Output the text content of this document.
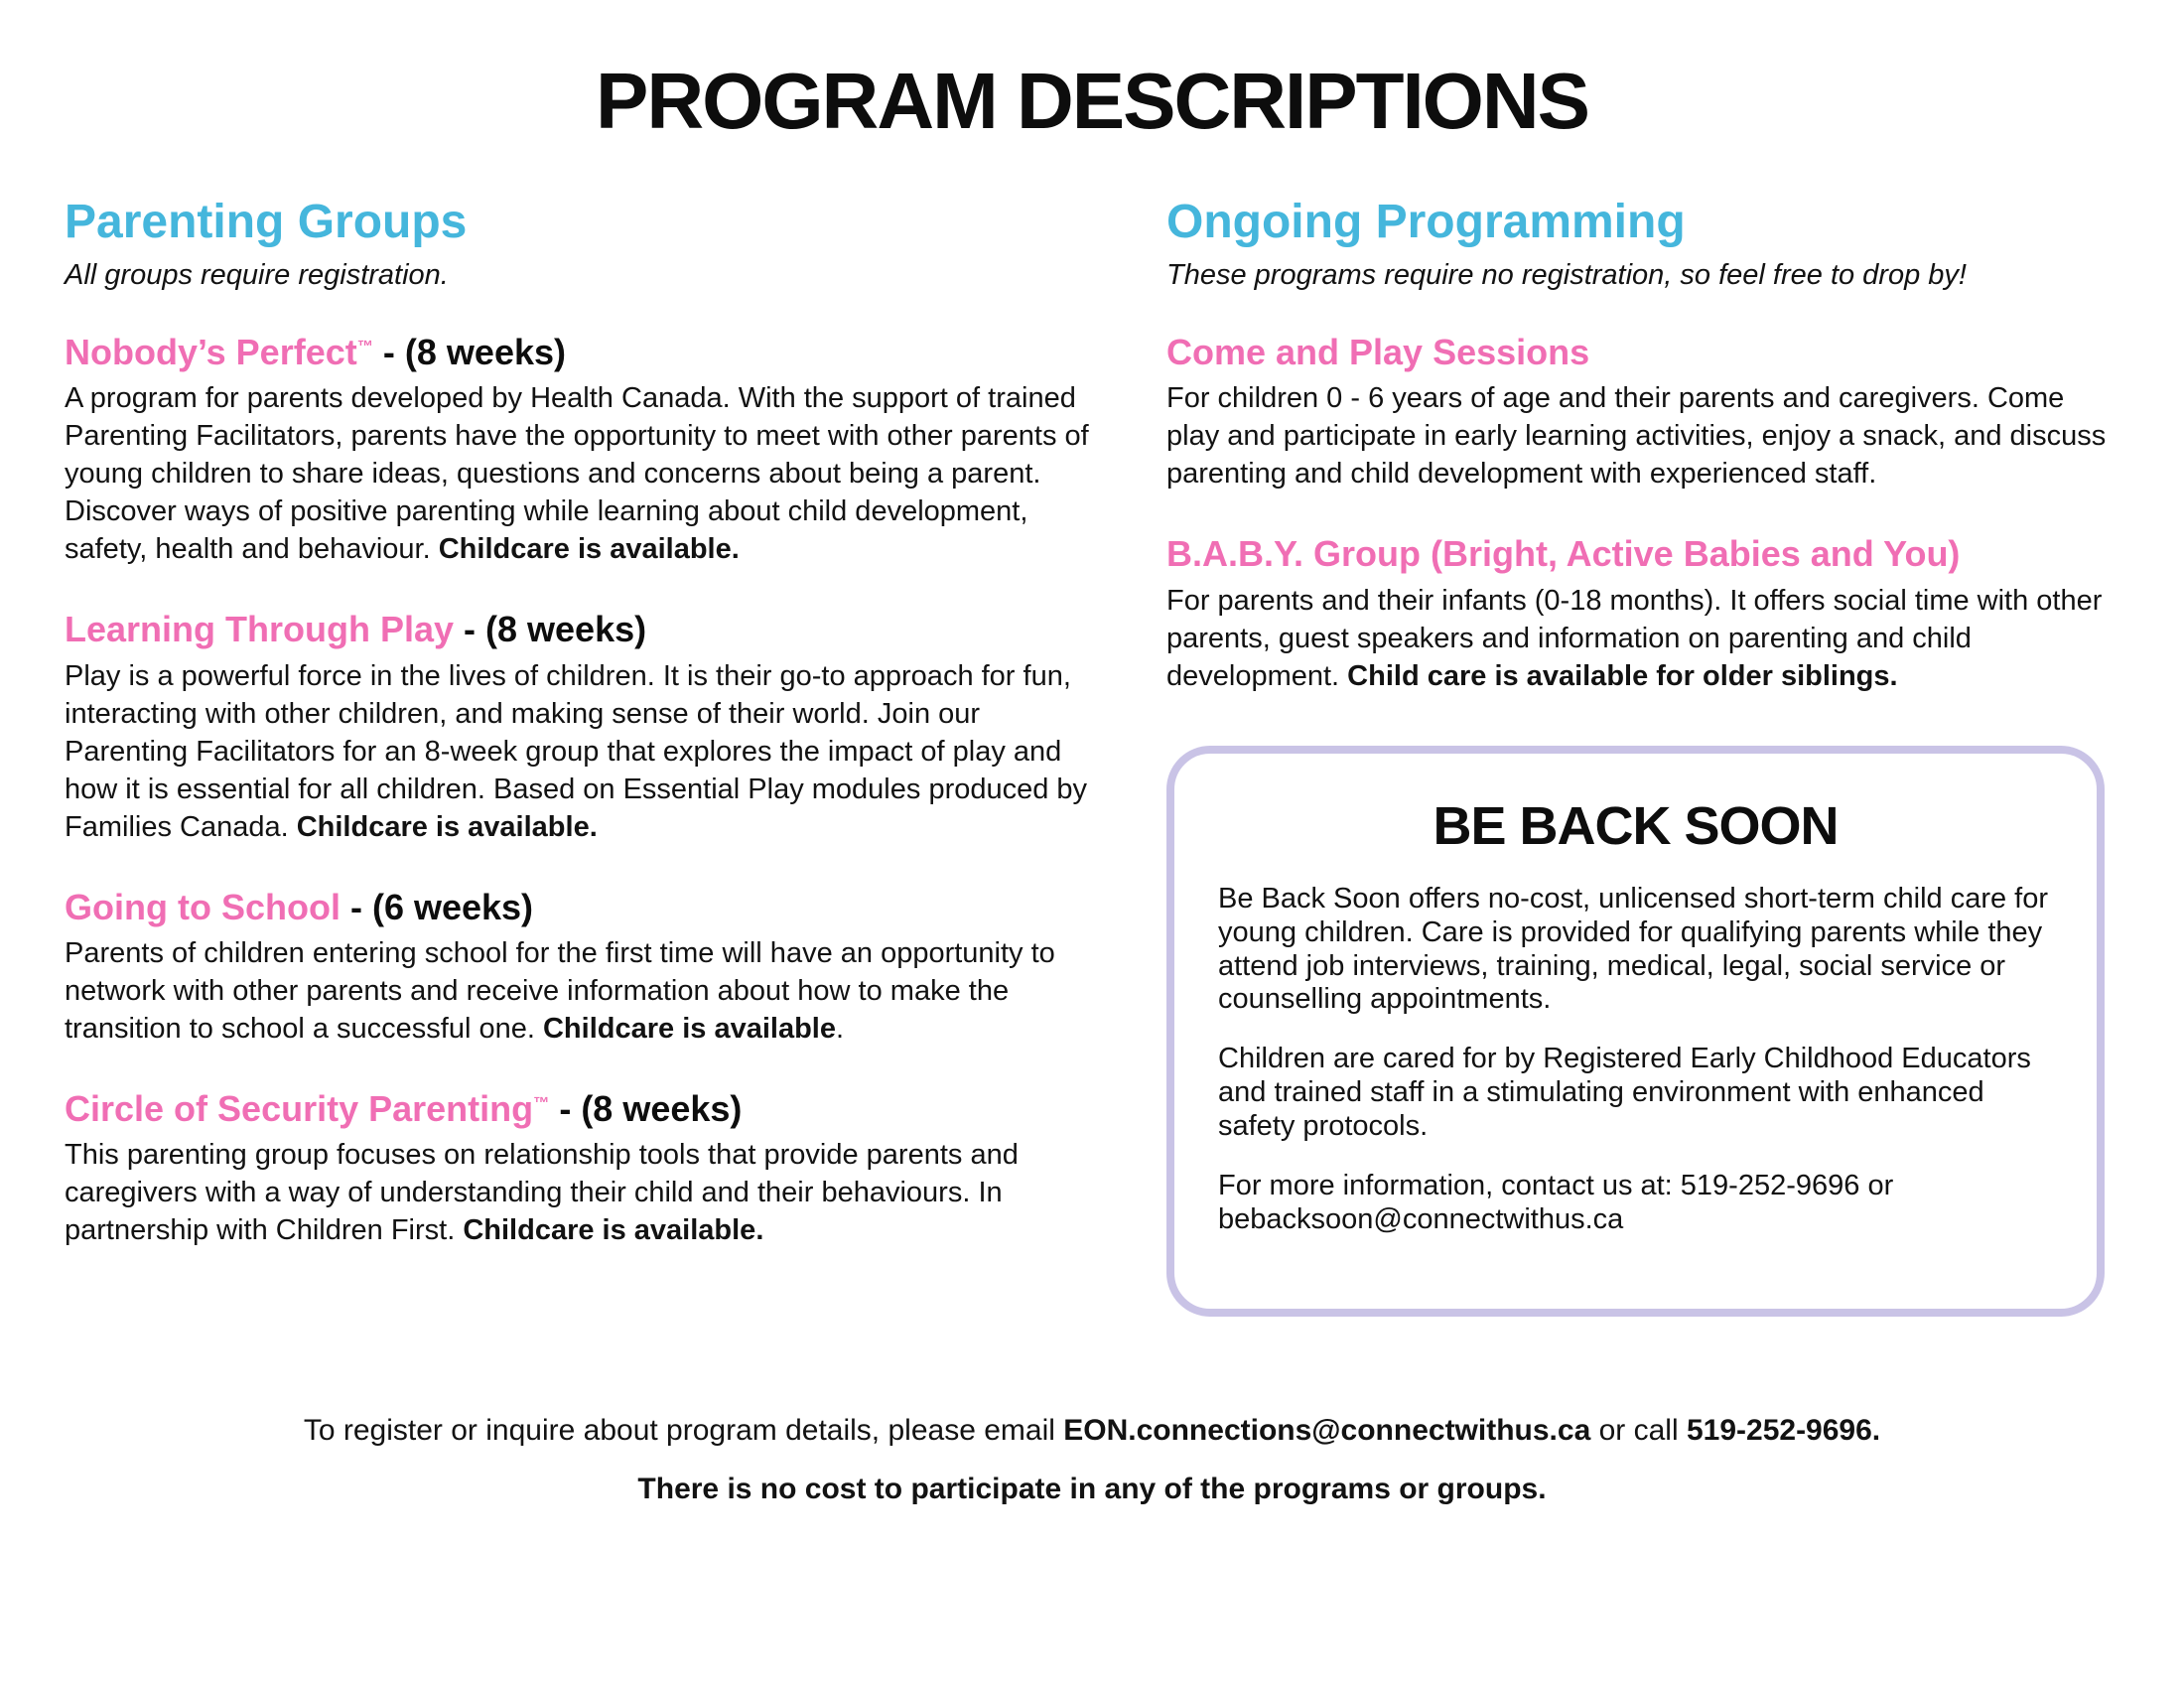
PROGRAM DESCRIPTIONS
Parenting Groups

All groups require registration.

Nobody’s Perfect™ - (8 weeks)

A program for parents developed by Health Canada. With the support of trained Parenting Facilitators, parents have the opportunity to meet with other parents of young children to share ideas, questions and concerns about being a parent. Discover ways of positive parenting while learning about child development, safety, health and behaviour. Childcare is available.

Learning Through Play - (8 weeks)

Play is a powerful force in the lives of children. It is their go-to approach for fun, interacting with other children, and making sense of their world. Join our Parenting Facilitators for an 8-week group that explores the impact of play and how it is essential for all children. Based on Essential Play modules produced by Families Canada. Childcare is available.

Going to School - (6 weeks)

Parents of children entering school for the first time will have an opportunity to network with other parents and receive information about how to make the transition to school a successful one. Childcare is available.

Circle of Security Parenting™ - (8 weeks)

This parenting group focuses on relationship tools that provide parents and caregivers with a way of understanding their child and their behaviours. In partnership with Children First. Childcare is available.

Ongoing Programming

These programs require no registration, so feel free to drop by!

Come and Play Sessions

For children 0 - 6 years of age and their parents and caregivers. Come play and participate in early learning activities, enjoy a snack, and discuss parenting and child development with experienced staff.

B.A.B.Y. Group (Bright, Active Babies and You)

For parents and their infants (0-18 months). It offers social time with other parents, guest speakers and information on parenting and child development. Child care is available for older siblings.

BE BACK SOON

Be Back Soon offers no-cost, unlicensed short-term child care for young children. Care is provided for qualifying parents while they attend job interviews, training, medical, legal, social service or counselling appointments.

Children are cared for by Registered Early Childhood Educators and trained staff in a stimulating environment with enhanced safety protocols.

For more information, contact us at: 519-252-9696 or bebacksoon@connectwithus.ca

To register or inquire about program details, please email EON.connections@connectwithus.ca or call 519-252-9696.

There is no cost to participate in any of the programs or groups.
